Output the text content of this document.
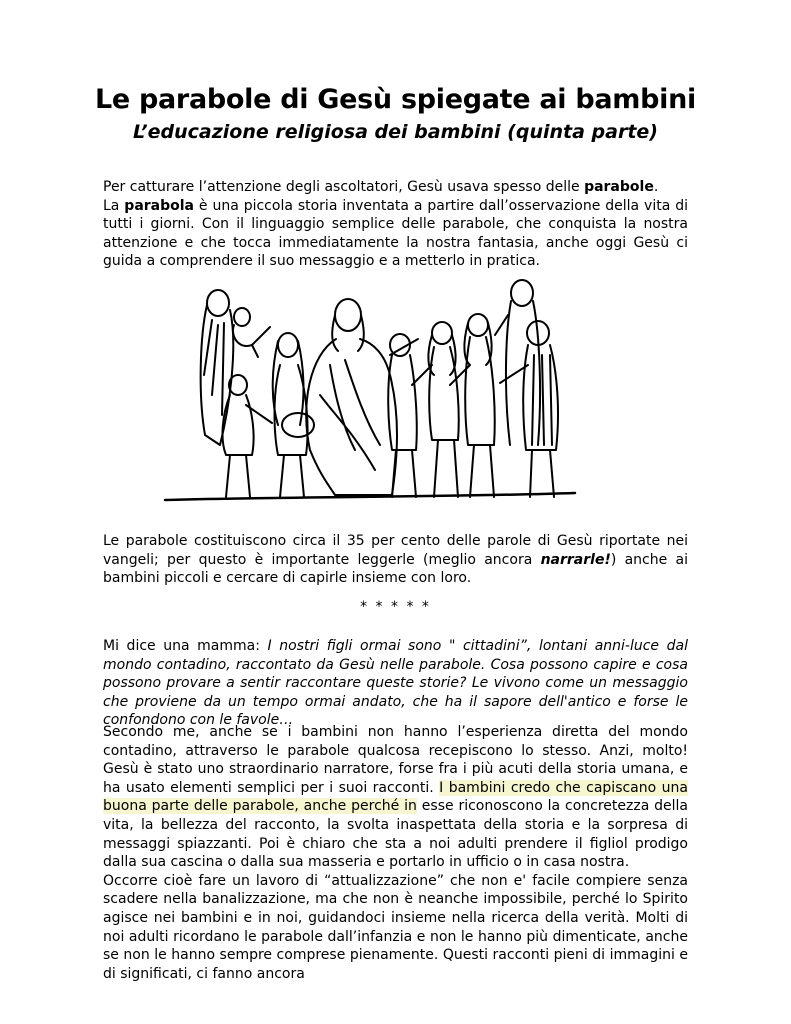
Le parabole di Gesù spiegate ai bambini
L’educazione religiosa dei bambini (quinta parte)

Per catturare l’attenzione degli ascoltatori, Gesù usava spesso delle parabole.

La parabola è una piccola storia inventata a partire dall’osservazione della vita di tutti i giorni. Con il linguaggio semplice delle parabole, che conquista la nostra attenzione e che tocca immediatamente la nostra fantasia, anche oggi Gesù ci guida a comprendere il suo messaggio e a metterlo in pratica.

Le parabole costituiscono circa il 35 per cento delle parole di Gesù riportate nei vangeli; per questo è importante leggerle (meglio ancora narrarle!) anche ai bambini piccoli e cercare di capirle insieme con loro.

* * * * *

Mi dice una mamma: I nostri figli ormai sono " cittadini”, lontani anni-luce dal mondo contadino, raccontato da Gesù nelle parabole. Cosa possono capire e cosa possono provare a sentir raccontare queste storie? Le vivono come un messaggio che proviene da un tempo ormai andato, che ha il sapore dell'antico e forse le confondono con le favole…

Secondo me, anche se i bambini non hanno l’esperienza diretta del mondo contadino, attraverso le parabole qualcosa recepiscono lo stesso. Anzi, molto! Gesù è stato uno straordinario narratore, forse fra i più acuti della storia umana, e ha usato elementi semplici per i suoi racconti. I bambini credo che capiscano una buona parte delle parabole, anche perché in esse riconoscono la concretezza della vita, la bellezza del racconto, la svolta inaspettata della storia e la sorpresa di messaggi spiazzanti. Poi è chiaro che sta a noi adulti prendere il figliol prodigo dalla sua cascina o dalla sua masseria e portarlo in ufficio o in casa nostra.

Occorre cioè fare un lavoro di “attualizzazione” che non e' facile compiere senza scadere nella banalizzazione, ma che non è neanche impossibile, perché lo Spirito agisce nei bambini e in noi, guidandoci insieme nella ricerca della verità. Molti di noi adulti ricordano le parabole dall’infanzia e non le hanno più dimenticate, anche se non le hanno sempre comprese pienamente. Questi racconti pieni di immagini e di significati, ci fanno ancora
